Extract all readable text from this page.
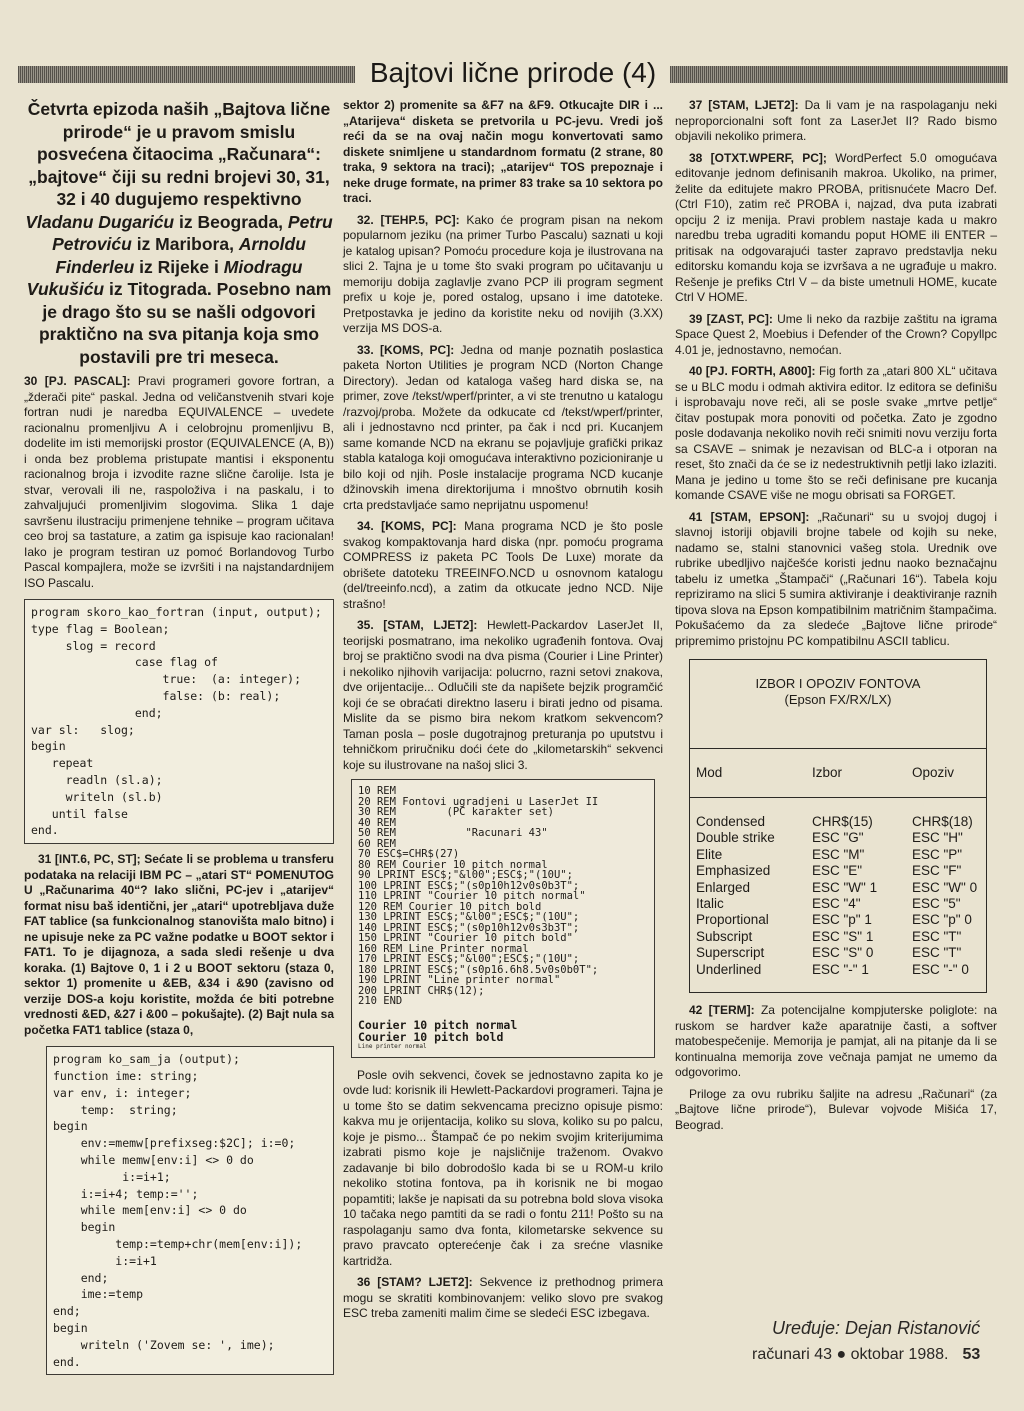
Bajtovi lične prirode (4)

Četvrta epizoda naših „Bajtova lične prirode“ je u pravom smislu posvećena čitaocima „Računara“: „bajtove“ čiji su redni brojevi 30, 31, 32 i 40 dugujemo respektivno Vladanu Dugariću iz Beograda, Petru Petroviću iz Maribora, Arnoldu Finderleu iz Rijeke i Miodragu Vukušiću iz Titograda. Posebno nam je drago što su se našli odgovori praktično na sva pitanja koja smo postavili pre tri meseca.

30 [PJ. PASCAL]: Pravi programeri govore fortran, a „žderači pite“ paskal. Jedna od veličanstvenih stvari koje fortran nudi je naredba EQUIVALENCE – uvedete racionalnu promenljivu A i celobrojnu promenljivu B, dodelite im isti memorijski prostor (EQUIVALENCE (A, B)) i onda bez problema pristupate mantisi i eksponentu racionalnog broja i izvodite razne slične čarolije. Ista je stvar, verovali ili ne, raspoloživa i na paskalu, i to zahvaljujući promenljivim slogovima. Slika 1 daje savršenu ilustraciju primenjene tehnike – program učitava ceo broj sa tastature, a zatim ga ispisuje kao racionalan! Iako je program testiran uz pomoć Borlandovog Turbo Pascal kompajlera, može se izvršiti i na najstandardnijem ISO Pascalu.

program skoro_kao_fortran (input, output);
type flag = Boolean;
slog = record
case flag of
true:  (a: integer);
false: (b: real);
end;
var sl:   slog;
begin
repeat
readln (sl.a);
writeln (sl.b)
until false
end.

31 [INT.6, PC, ST]; Sećate li se problema u transferu podataka na relaciji IBM PC – „atari ST“ POMENUTOG U „Računarima 40“? Iako slični, PC-jev i „atarijev“ format nisu baš identični, jer „atari“ upotrebljava duže FAT tablice (sa funkcionalnog stanovišta malo bitno) i ne upisuje neke za PC važne podatke u BOOT sektor i FAT1. To je dijagnoza, a sada sledi rešenje u dva koraka. (1) Bajtove 0, 1 i 2 u BOOT sektoru (staza 0, sektor 1) promenite u &EB, &34 i &90 (zavisno od verzije DOS-a koju koristite, možda će biti potrebne vrednosti &ED, &27 i &00 – pokušajte). (2) Bajt nula sa početka FAT1 tablice (staza 0,

program ko_sam_ja (output);
function ime: string;
var env, i: integer;
temp:  string;
begin
env:=memw[prefixseg:$2C]; i:=0;
while memw[env:i] <> 0 do
i:=i+1;
i:=i+4; temp:='';
while mem[env:i] <> 0 do
begin
temp:=temp+chr(mem[env:i]);
i:=i+1
end;
ime:=temp
end;
begin
writeln ('Zovem se: ', ime);
end.

sektor 2) promenite sa &F7 na &F9. Otkucajte DIR i ...„Atarijeva“ disketa se pretvorila u PC-jevu. Vredi još reći da se na ovaj način mogu konvertovati samo diskete snimljene u standardnom formatu (2 strane, 80 traka, 9 sektora na traci); „atarijev“ TOS prepoznaje i neke druge formate, na primer 83 trake sa 10 sektora po traci.

32. [TEHP.5, PC]: Kako će program pisan na nekom popularnom jeziku (na primer Turbo Pascalu) saznati u koji je katalog upisan? Pomoću procedure koja je ilustrovana na slici 2. Tajna je u tome što svaki program po učitavanju u memoriju dobija zaglavlje zvano PCP ili program segment prefix u koje je, pored ostalog, upsano i ime datoteke. Pretpostavka je jedino da koristite neku od novijih (3.XX) verzija MS DOS-a.

33. [KOMS, PC]: Jedna od manje poznatih poslastica paketa Norton Utilities je program NCD (Norton Change Directory). Jedan od kataloga vašeg hard diska se, na primer, zove /tekst/wperf/printer, a vi ste trenutno u katalogu /razvoj/proba. Možete da odkucate cd /tekst/wperf/printer, ali i jednostavno ncd printer, pa čak i ncd pri. Kucanjem same komande NCD na ekranu se pojavljuje grafički prikaz stabla kataloga koji omogućava interaktivno pozicioniranje u bilo koji od njih. Posle instalacije programa NCD kucanje džinovskih imena direktorijuma i mnoštvo obrnutih kosih crta predstavljaće samo neprijatnu uspomenu!

34. [KOMS, PC]: Mana programa NCD je što posle svakog kompaktovanja hard diska (npr. pomoću programa COMPRESS iz paketa PC Tools De Luxe) morate da obrišete datoteku TREEINFO.NCD u osnovnom katalogu (del/treeinfo.ncd), a zatim da otkucate jedno NCD. Nije strašno!

35. [STAM, LJET2]: Hewlett-Packardov LaserJet II, teorijski posmatrano, ima nekoliko ugrađenih fontova. Ovaj broj se praktično svodi na dva pisma (Courier i Line Printer) i nekoliko njihovih varijacija: polucrno, razni setovi znakova, dve orijentacije... Odlučili ste da napišete bejzik programčić koji će se obraćati direktno laseru i birati jedno od pisama. Mislite da se pismo bira nekom kratkom sekvencom? Taman posla – posle dugotrajnog preturanja po uputstvu i tehničkom priručniku doći ćete do „kilometarskih“ sekvenci koje su ilustrovane na našoj slici 3.

10 REM
20 REM Fontovi ugradjeni u LaserJet II
30 REM        (PC karakter set)
40 REM
50 REM           "Racunari 43"
60 REM
70 ESC$=CHR$(27)
80 REM Courier 10 pitch normal
90 LPRINT ESC$;"&l00";ESC$;"(10U";
100 LPRINT ESC$;"(s0p10h12v0s0b3T";
110 LPRINT "Courier 10 pitch normal"
120 REM Courier 10 pitch bold
130 LPRINT ESC$;"&l00";ESC$;"(10U";
140 LPRINT ESC$;"(s0p10h12v0s3b3T";
150 LPRINT "Courier 10 pitch bold"
160 REM Line Printer normal
170 LPRINT ESC$;"&l00";ESC$;"(10U";
180 LPRINT ESC$;"(s0p16.6h8.5v0s0b0T";
190 LPRINT "Line printer normal"
200 LPRINT CHR$(12);
210 END
Courier 10 pitch normal
Courier 10 pitch bold
Line printer normal

Posle ovih sekvenci, čovek se jednostavno zapita ko je ovde lud: korisnik ili Hewlett-Packardovi programeri. Tajna je u tome što se datim sekvencama precizno opisuje pismo: kakva mu je orijentacija, koliko su slova, koliko su po palcu, koje je pismo... Štampač će po nekim svojim kriterijumima izabrati pismo koje je najsličnije traženom. Ovakvo zadavanje bi bilo dobrodošlo kada bi se u ROM-u krilo nekoliko stotina fontova, pa ih korisnik ne bi mogao popamtiti; lakše je napisati da su potrebna bold slova visoka 10 tačaka nego pamtiti da se radi o fontu 211! Pošto su na raspolaganju samo dva fonta, kilometarske sekvence su pravo pravcato opterećenje čak i za srećne vlasnike kartridža.

36 [STAM? LJET2]: Sekvence iz prethodnog primera mogu se skratiti kombinovanjem: veliko slovo pre svakog ESC treba zameniti malim čime se sledeći ESC izbegava.

37 [STAM, LJET2]: Da li vam je na raspolaganju neki neproporcionalni soft font za LaserJet II? Rado bismo objavili nekoliko primera.

38 [OTXT.WPERF, PC]; WordPerfect 5.0 omogućava editovanje jednom definisanih makroa. Ukoliko, na primer, želite da editujete makro PROBA, pritisnućete Macro Def. (Ctrl F10), zatim reč PROBA i, najzad, dva puta izabrati opciju 2 iz menija. Pravi problem nastaje kada u makro naredbu treba ugraditi komandu poput HOME ili ENTER – pritisak na odgovarajući taster zapravo predstavlja neku editorsku komandu koja se izvršava a ne ugrađuje u makro. Rešenje je prefiks Ctrl V – da biste umetnuli HOME, kucate Ctrl V HOME.

39 [ZAST, PC]: Ume li neko da razbije zaštitu na igrama Space Quest 2, Moebius i Defender of the Crown? Copyllpc 4.01 je, jednostavno, nemoćan.

40 [PJ. FORTH, A800]: Fig forth za „atari 800 XL“ učitava se u BLC modu i odmah aktivira editor. Iz editora se definišu i isprobavaju nove reči, ali se posle svake „mrtve petlje“ čitav postupak mora ponoviti od početka. Zato je zgodno posle dodavanja nekoliko novih reči snimiti novu verziju forta sa CSAVE – snimak je nezavisan od BLC-a i otporan na reset, što znači da će se iz nedestruktivnih petlji lako izlaziti. Mana je jedino u tome što se reči definisane pre kucanja komande CSAVE više ne mogu obrisati sa FORGET.

41 [STAM, EPSON]: „Računari“ su u svojoj dugoj i slavnoj istoriji objavili brojne tabele od kojih su neke, nadamo se, stalni stanovnici vašeg stola. Urednik ove rubrike ubedljivo najčešće koristi jednu naoko beznačajnu tabelu iz umetka „Štampači“ („Računari 16“). Tabela koju repriziramo na slici 5 sumira aktiviranje i deaktiviranje raznih tipova slova na Epson kompatibilnim matričnim štampačima. Pokušaćemo da za sledeće „Bajtove lične prirode“ pripremimo pristojnu PC kompatibilnu ASCII tablicu.

IZBOR I OPOZIV FONTOVA
(Epson FX/RX/LX)
Mod	Izbor	Opoziv
Condensed	CHR$(15)	CHR$(18)
Double strike	ESC "G"	ESC "H"
Elite	ESC "M"	ESC "P"
Emphasized	ESC "E"	ESC "F"
Enlarged	ESC "W" 1	ESC "W" 0
Italic	ESC "4"	ESC "5"
Proportional	ESC "p" 1	ESC "p" 0
Subscript	ESC "S" 1	ESC "T"
Superscript	ESC "S" 0	ESC "T"
Underlined	ESC "-" 1	ESC "-" 0

42 [TERM]: Za potencijalne kompjuterske poliglote: na ruskom se hardver kaže aparatnije časti, a softver matobespečenije. Memorija je pamjat, ali na pitanje da li se kontinualna memorija zove večnaja pamjat ne umemo da odgovorimo.

Priloge za ovu rubriku šaljite na adresu „Računari“ (za „Bajtove lične prirode“), Bulevar vojvode Mišića 17, Beograd.

Uređuje: Dejan Ristanović
računari 43 ● oktobar 1988. 53
